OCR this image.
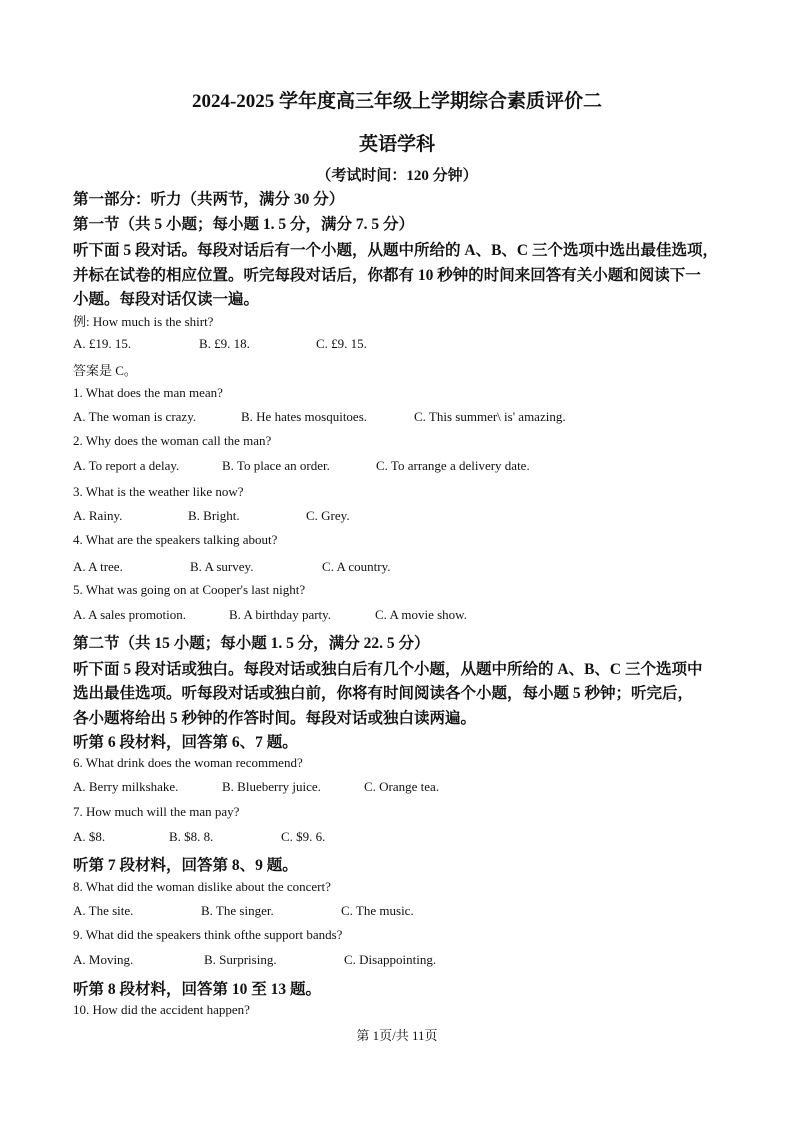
2024-2025 学年度高三年级上学期综合素质评价二
英语学科
（考试时间：120 分钟）
第一部分：听力（共两节，满分 30 分）
第一节（共 5 小题；每小题 1. 5 分，满分 7. 5 分）
听下面 5 段对话。每段对话后有一个小题，从题中所给的 A、B、C 三个选项中选出最佳选项，
并标在试卷的相应位置。听完每段对话后，你都有 10 秒钟的时间来回答有关小题和阅读下一
小题。每段对话仅读一遍。
例: How much is the shirt?
A. £19. 15.	B. £9. 18.	C. £9. 15.
答案是 C。
1. What does the man mean?
A. The woman is crazy.	B. He hates mosquitoes.	C. This summer\ is' amazing.
2. Why does the woman call the man?
A. To report a delay.	B. To place an order.	C. To arrange a delivery date.
3. What is the weather like now?
A. Rainy.	B. Bright.	C. Grey.
4. What are the speakers talking about?
A. A tree.	B. A survey.	C. A country.
5. What was going on at Cooper's last night?
A. A sales promotion.	B. A birthday party.	C. A movie show.
第二节（共 15 小题；每小题 1. 5 分，满分 22. 5 分）
听下面 5 段对话或独白。每段对话或独白后有几个小题，从题中所给的 A、B、C 三个选项中
选出最佳选项。听每段对话或独白前，你将有时间阅读各个小题，每小题 5 秒钟；听完后，
各小题将给出 5 秒钟的作答时间。每段对话或独白读两遍。
听第 6 段材料，回答第 6、7 题。
6. What drink does the woman recommend?
A. Berry milkshake.	B. Blueberry juice.	C. Orange tea.
7. How much will the man pay?
A. $8.	B. $8. 8.	C. $9. 6.
听第 7 段材料，回答第 8、9 题。
8. What did the woman dislike about the concert?
A. The site.	B. The singer.	C. The music.
9. What did the speakers think ofthe support bands?
A. Moving.	B. Surprising.	C. Disappointing.
听第 8 段材料，回答第 10 至 13 题。
10. How did the accident happen?
第 1页/共 11页
